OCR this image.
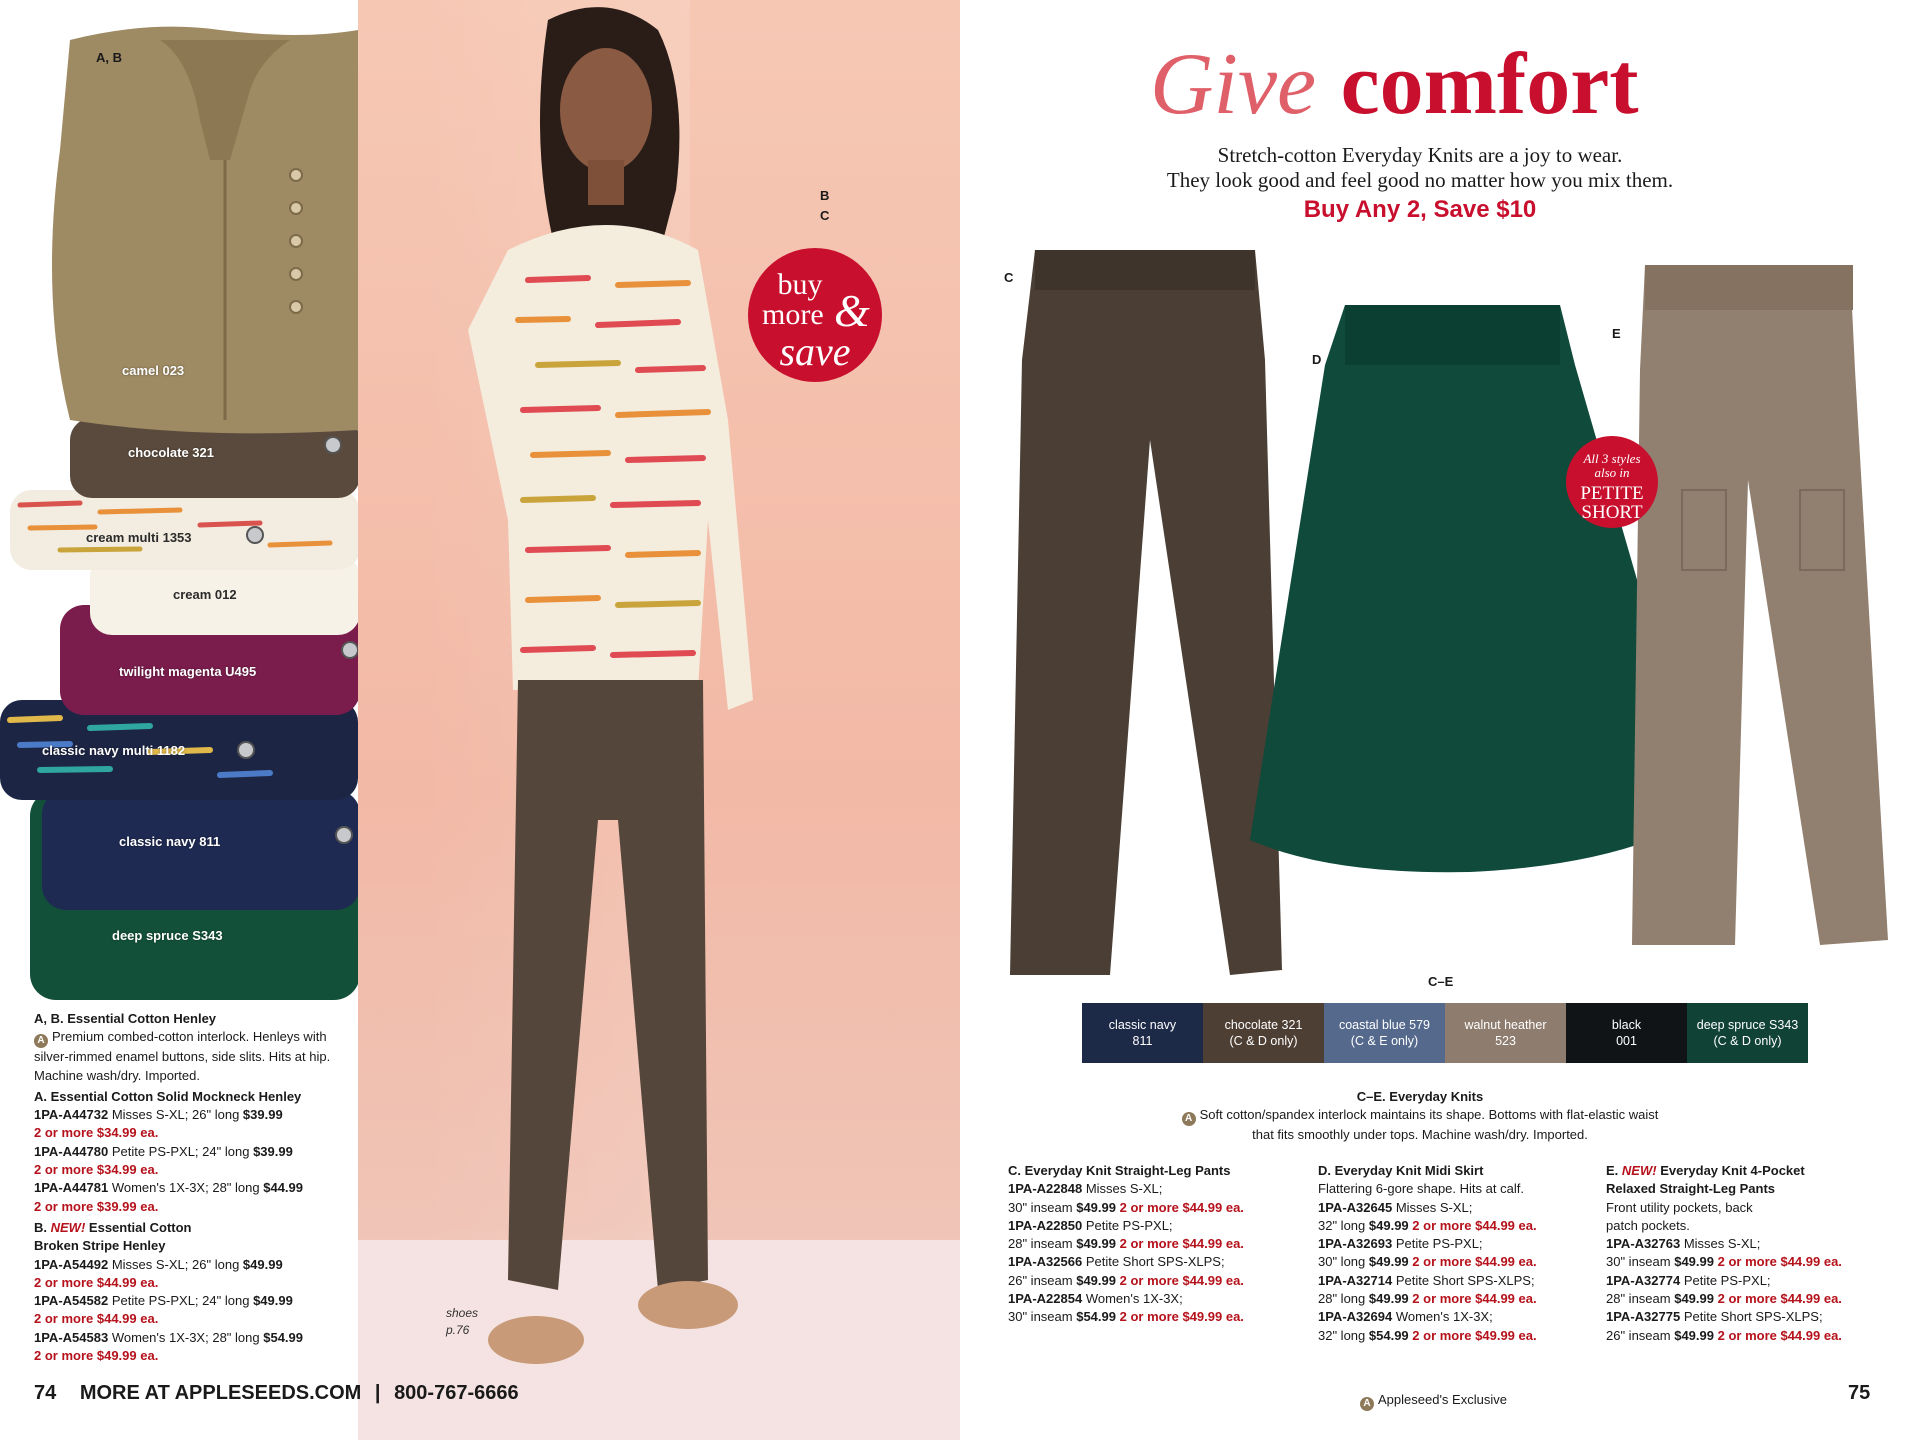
A, B
camel 023
chocolate 321
cream multi 1353
cream 012
twilight magenta U495
classic navy multi 1182
classic navy 811
deep spruce S343
B
C
buy
more &
save
shoes
p.76
A, B. Essential Cotton Henley
A Premium combed-cotton interlock. Henleys with silver-rimmed enamel buttons, side slits. Hits at hip. Machine wash/dry. Imported.
A. Essential Cotton Solid Mockneck Henley
1PA-A44732 Misses S-XL; 26" long $39.99
2 or more $34.99 ea.
1PA-A44780 Petite PS-PXL; 24" long $39.99
2 or more $34.99 ea.
1PA-A44781 Women's 1X-3X; 28" long $44.99
2 or more $39.99 ea.
B. NEW! Essential Cotton
Broken Stripe Henley
1PA-A54492 Misses S-XL; 26" long $49.99
2 or more $44.99 ea.
1PA-A54582 Petite PS-PXL; 24" long $49.99
2 or more $44.99 ea.
1PA-A54583 Women's 1X-3X; 28" long $54.99
2 or more $49.99 ea.
74 MORE AT APPLESEEDS.COM | 800-767-6666
Give comfort
Stretch-cotton Everyday Knits are a joy to wear.
They look good and feel good no matter how you mix them.
Buy Any 2, Save $10
C
D
E
All 3 styles
also in
PETITE
SHORT
C–E
classic navy
811
chocolate 321
(C & D only)
coastal blue 579
(C & E only)
walnut heather
523
black
001
deep spruce S343
(C & D only)
C–E. Everyday Knits
A Soft cotton/spandex interlock maintains its shape. Bottoms with flat-elastic waist
that fits smoothly under tops. Machine wash/dry. Imported.
C. Everyday Knit Straight-Leg Pants
1PA-A22848 Misses S-XL;
30" inseam $49.99 2 or more $44.99 ea.
1PA-A22850 Petite PS-PXL;
28" inseam $49.99 2 or more $44.99 ea.
1PA-A32566 Petite Short SPS-XLPS;
26" inseam $49.99 2 or more $44.99 ea.
1PA-A22854 Women's 1X-3X;
30" inseam $54.99 2 or more $49.99 ea.
D. Everyday Knit Midi Skirt
Flattering 6-gore shape. Hits at calf.
1PA-A32645 Misses S-XL;
32" long $49.99 2 or more $44.99 ea.
1PA-A32693 Petite PS-PXL;
30" long $49.99 2 or more $44.99 ea.
1PA-A32714 Petite Short SPS-XLPS;
28" long $49.99 2 or more $44.99 ea.
1PA-A32694 Women's 1X-3X;
32" long $54.99 2 or more $49.99 ea.
E. NEW! Everyday Knit 4-Pocket
Relaxed Straight-Leg Pants
Front utility pockets, back
patch pockets.
1PA-A32763 Misses S-XL;
30" inseam $49.99 2 or more $44.99 ea.
1PA-A32774 Petite PS-PXL;
28" inseam $49.99 2 or more $44.99 ea.
1PA-A32775 Petite Short SPS-XLPS;
26" inseam $49.99 2 or more $44.99 ea.
A Appleseed's Exclusive	75
